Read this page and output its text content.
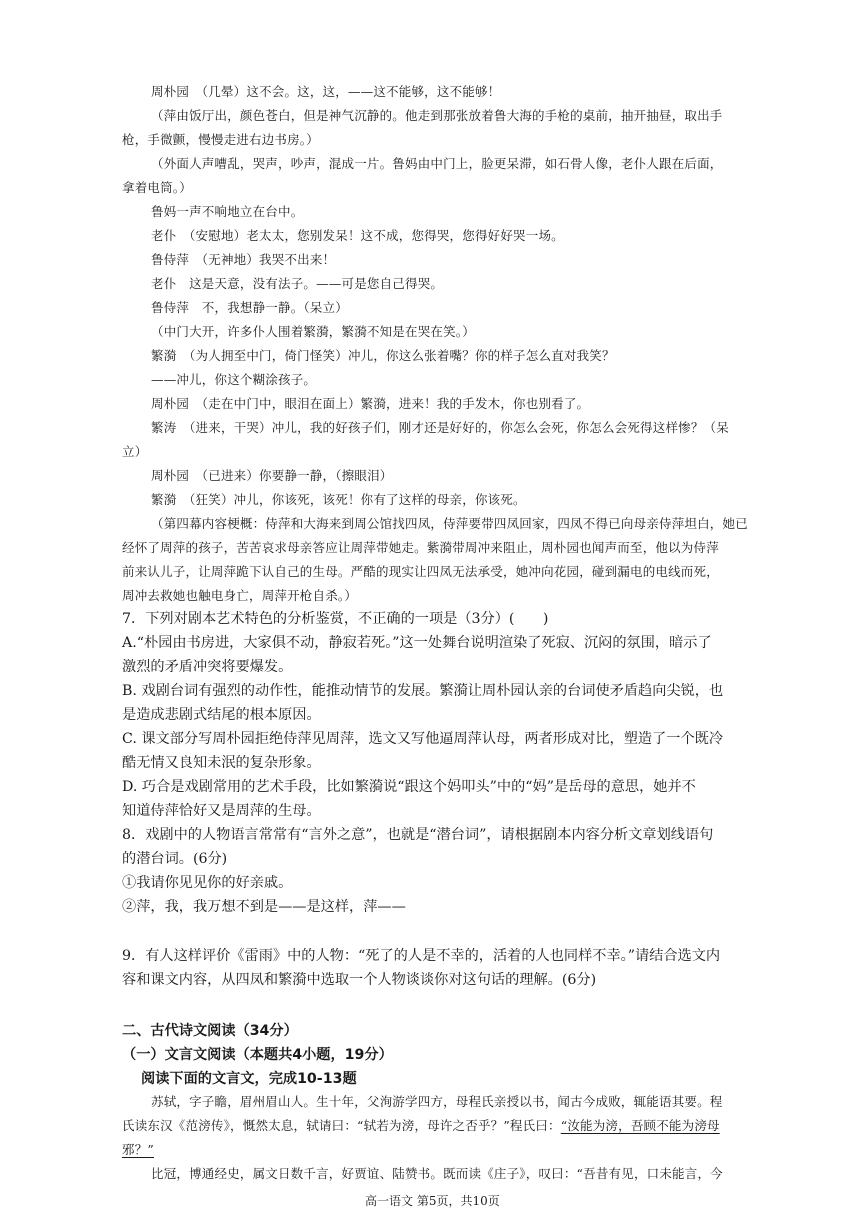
周朴园　（几晕）这不会。这，这，——这不能够，这不能够！
（萍由饭厅出，颜色苍白，但是神气沉静的。他走到那张放着鲁大海的手枪的桌前，抽开抽昼，取出手
枪，手微颤，慢慢走进右边书房。）
（外面人声嘈乱，哭声，吵声，混成一片。鲁妈由中门上，脸更呆滞，如石骨人像，老仆人跟在后面，
拿着电筒。）
鲁妈一声不响地立在台中。
老仆　（安慰地）老太太，您别发呆！这不成，您得哭，您得好好哭一场。
鲁侍萍　（无神地）我哭不出来！
老仆　这是天意，没有法子。——可是您自己得哭。
鲁侍萍　不，我想静一静。（呆立）
（中门大开，许多仆人围着繁漪，繁漪不知是在哭在笑。）
繁漪　（为人拥至中门，倚门怪笑）冲儿，你这么张着嘴？你的样子怎么直对我笑？
——冲儿，你这个糊涂孩子。
周朴园　（走在中门中，眼泪在面上）繁漪，进来！我的手发木，你也别看了。
繁涛　（进来，干哭）冲儿，我的好孩子们，刚才还是好好的，你怎么会死，你怎么会死得这样惨？（呆
立）
周朴园　（已进来）你要静一静，（擦眼泪）
繁漪　（狂笑）冲儿，你该死，该死！你有了这样的母亲，你该死。
（第四幕内容梗概：侍萍和大海来到周公馆找四凤，侍萍要带四凤回家，四凤不得已向母亲侍萍坦白，她已
经怀了周萍的孩子，苦苦哀求母亲答应让周萍带她走。紫漪带周冲来阻止，周朴园也闻声而至，他以为侍萍
前来认儿子，让周萍跪下认自己的生母。严酷的现实让四凤无法承受，她冲向花园，碰到漏电的电线而死，
周冲去救她也触电身亡，周萍开枪自杀。）
7．下列对剧本艺术特色的分析鉴赏，不正确的一项是（3分）(　　)
A.“朴园由书房进，大家俱不动，静寂若死。”这一处舞台说明渲染了死寂、沉闷的氛围，暗示了
激烈的矛盾冲突将要爆发。
B. 戏剧台词有强烈的动作性，能推动情节的发展。繁漪让周朴园认亲的台词使矛盾趋向尖锐，也
是造成悲剧式结尾的根本原因。
C. 课文部分写周朴园拒绝侍萍见周萍，选文又写他逼周萍认母，两者形成对比，塑造了一个既冷
酷无情又良知未泯的复杂形象。
D. 巧合是戏剧常用的艺术手段，比如繁漪说“跟这个妈叩头”中的“妈”是岳母的意思，她并不
知道侍萍恰好又是周萍的生母。
8．戏剧中的人物语言常常有“言外之意”，也就是“潜台词”，请根据剧本内容分析文章划线语句
的潜台词。(6分)
①我请你见见你的好亲戚。
②萍，我，我万想不到是——是这样，萍——
9．有人这样评价《雷雨》中的人物：“死了的人是不幸的，活着的人也同样不幸。”请结合选文内
容和课文内容，从四凤和繁漪中选取一个人物谈谈你对这句话的理解。(6分)
二、古代诗文阅读（34分）
（一）文言文阅读（本题共4小题，19分）
阅读下面的文言文，完成10-13题
苏轼，字子瞻，眉州眉山人。生十年，父洵游学四方，母程氏亲授以书，闻古今成败，辄能语其要。程
氏读东汉《范滂传》，慨然太息，轼请曰：“轼若为滂，母许之否乎？”程氏曰：“汝能为滂，吾顾不能为滂母
邪？”
比冠，博通经史，属文日数千言，好贾谊、陆赞书。既而读《庄子》，叹曰：“吾昔有见，口未能言，今
高一语文 第5页，共10页
